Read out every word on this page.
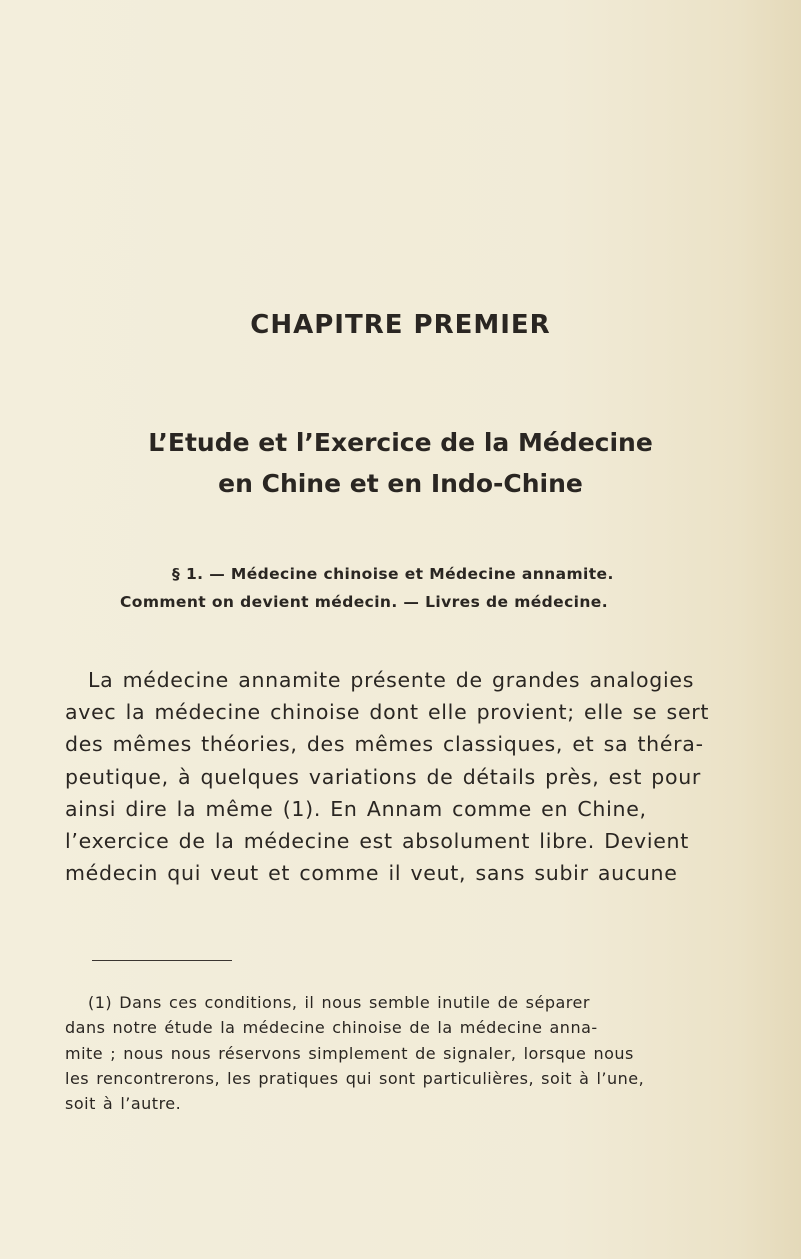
CHAPITRE PREMIER
L’Etude et l’Exercice de la Médecine
en Chine et en Indo-Chine
§ 1. — Médecine chinoise et Médecine annamite.
Comment on devient médecin. — Livres de médecine.
La médecine annamite présente de grandes analogies
avec la médecine chinoise dont elle provient; elle se sert
des mêmes théories, des mêmes classiques, et sa théra-
peutique, à quelques variations de détails près, est pour
ainsi dire la même (1). En Annam comme en Chine,
l’exercice de la médecine est absolument libre. Devient
médecin qui veut et comme il veut, sans subir aucune
(1) Dans ces conditions, il nous semble inutile de séparer
dans notre étude la médecine chinoise de la médecine anna-
mite ; nous nous réservons simplement de signaler, lorsque nous
les rencontrerons, les pratiques qui sont particulières, soit à l’une,
soit à l’autre.
